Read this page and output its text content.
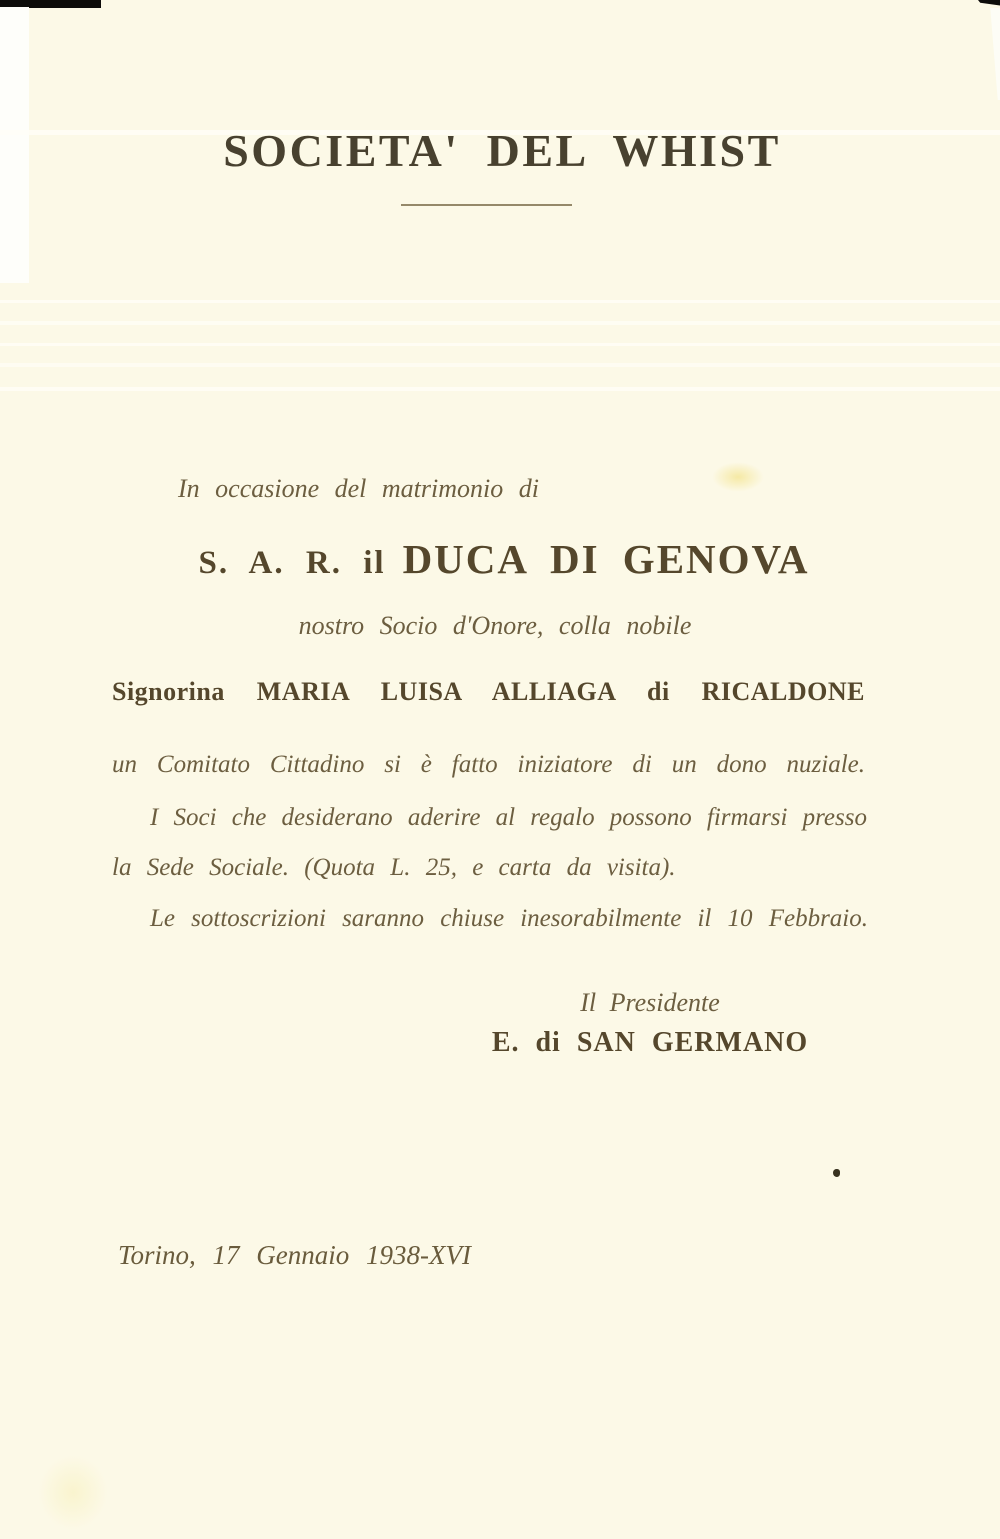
SOCIETA' DEL WHIST
In occasione del matrimonio di
S. A. R. il DUCA DI GENOVA
nostro Socio d'Onore, colla nobile
Signorina MARIA LUISA ALLIAGA di RICALDONE
un Comitato Cittadino si è fatto iniziatore di un dono nuziale.
I Soci che desiderano aderire al regalo possono firmarsi presso
la Sede Sociale. (Quota L. 25, e carta da visita).
Le sottoscrizioni saranno chiuse inesorabilmente il 10 Febbraio.
Il Presidente
E. di SAN GERMANO
Torino, 17 Gennaio 1938-XVI
